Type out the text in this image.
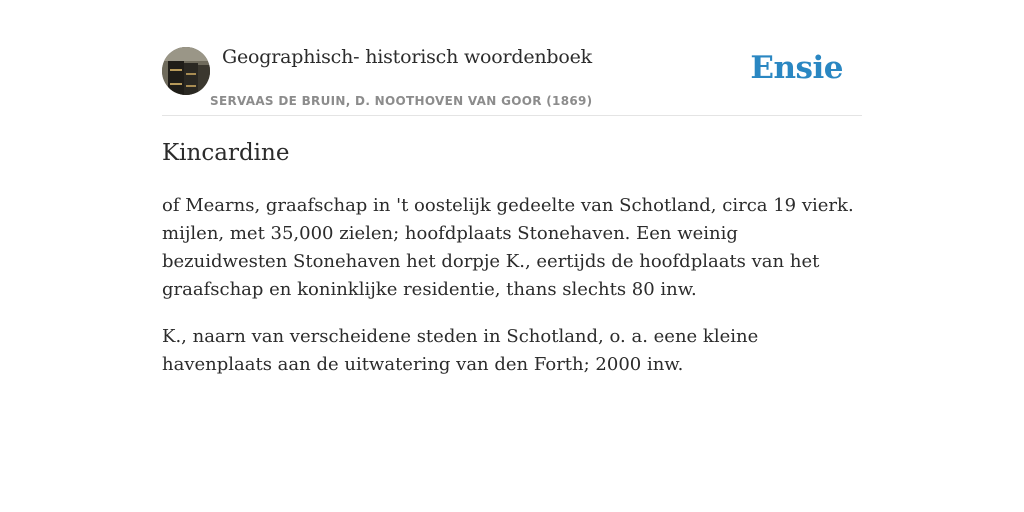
Geographisch- historisch woordenboek
SERVAAS DE BRUIN, D. NOOTHOVEN VAN GOOR (1869)
Ensie
Kincardine

of Mearns, graafschap in 't oostelijk gedeelte van Schotland, circa 19 vierk. mijlen, met 35,000 zielen; hoofdplaats Stonehaven. Een weinig bezuidwesten Stonehaven het dorpje K., eertijds de hoofdplaats van het graafschap en koninklijke residentie, thans slechts 80 inw.

K., naarn van verscheidene steden in Schotland, o. a. eene kleine havenplaats aan de uitwatering van den Forth; 2000 inw.
